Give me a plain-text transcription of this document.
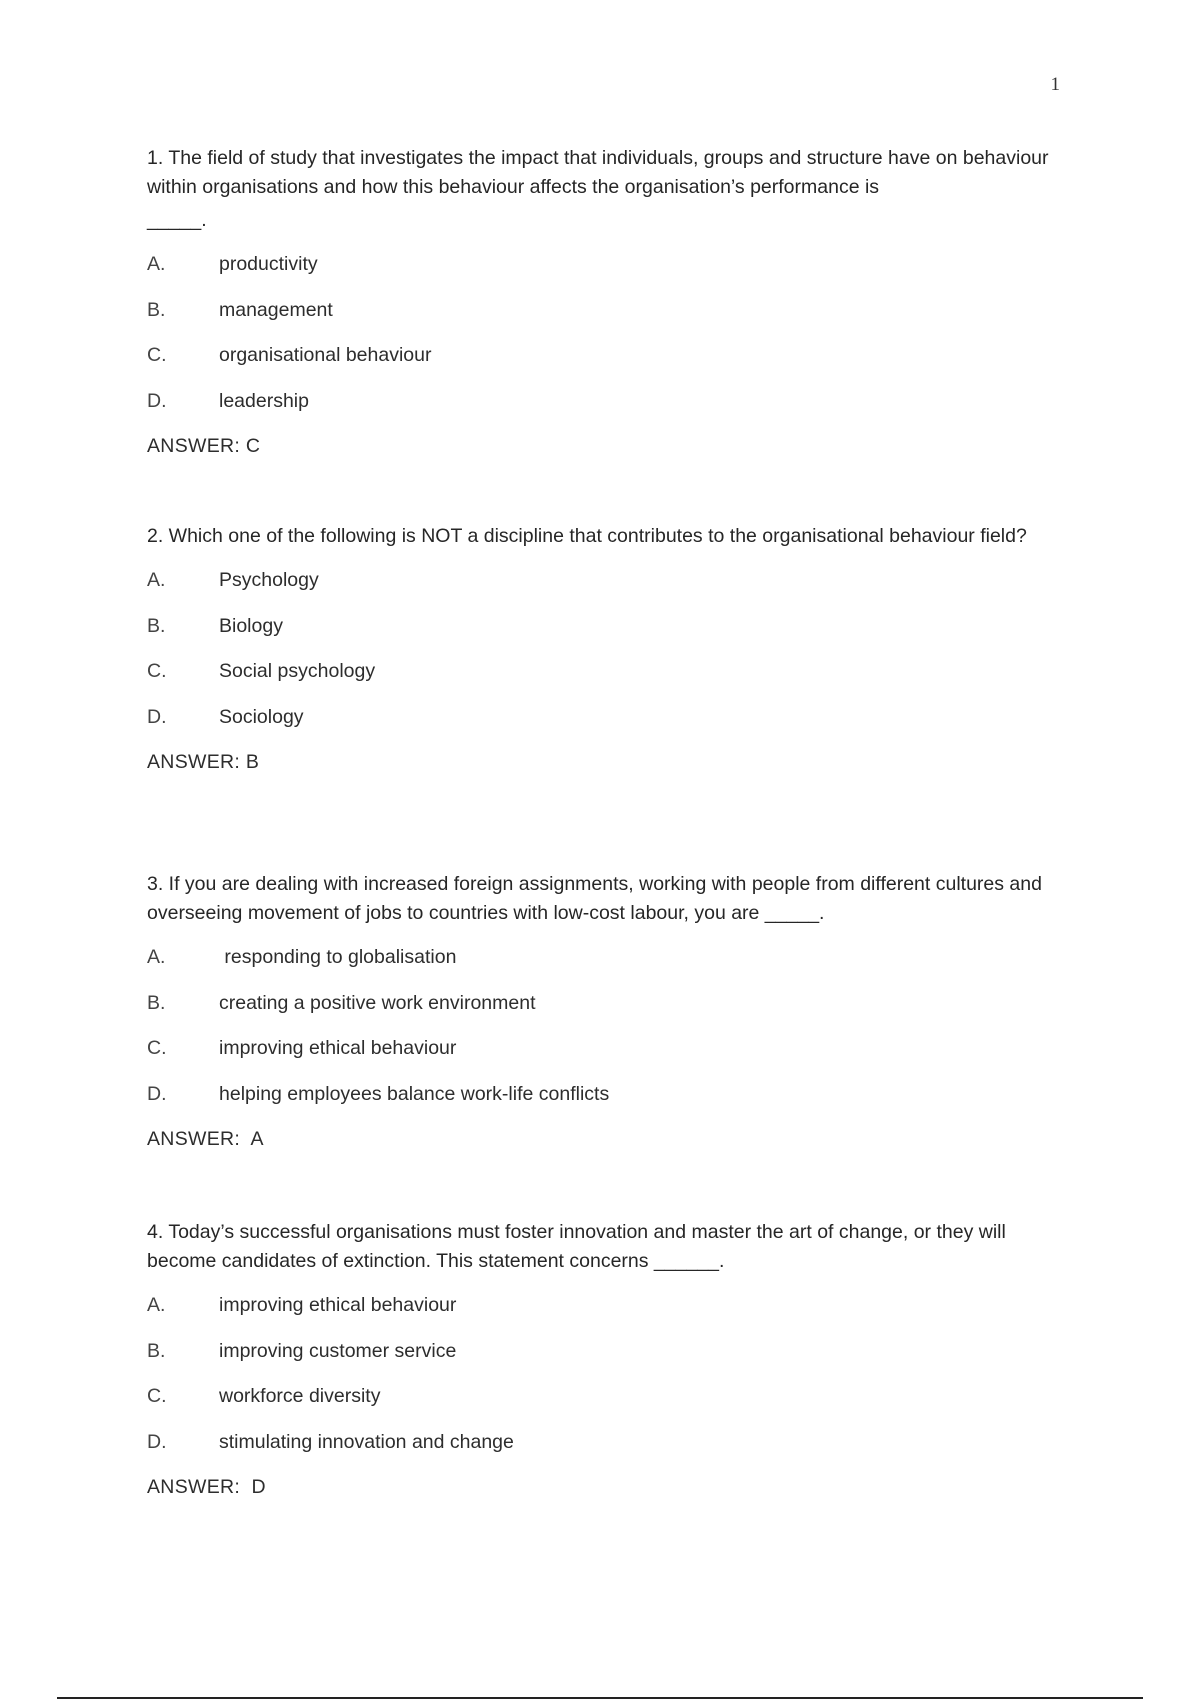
1

1. The field of study that investigates the impact that individuals, groups and structure have on behaviour within organisations and how this behaviour affects the organisation’s performance is

_____.
A.	productivity
B.	management
C.	organisational behaviour
D.	leadership
ANSWER: C

2. Which one of the following is NOT a discipline that contributes to the organisational behaviour field?

A.	Psychology
B.	Biology
C.	Social psychology
D.	Sociology
ANSWER: B

3. If you are dealing with increased foreign assignments, working with people from different cultures and overseeing movement of jobs to countries with low-cost labour, you are _____.

A.	responding to globalisation
B.	creating a positive work environment
C.	improving ethical behaviour
D.	helping employees balance work-life conflicts
ANSWER:  A

4. Today’s successful organisations must foster innovation and master the art of change, or they will become candidates of extinction. This statement concerns ______.

A.	improving ethical behaviour
B.	improving customer service
C.	workforce diversity
D.	stimulating innovation and change
ANSWER:  D
